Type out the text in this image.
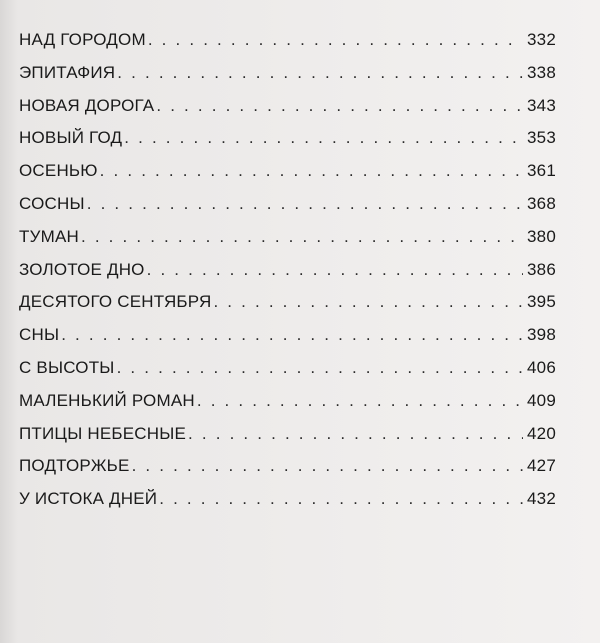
НАД ГОРОДОМ . . .	332
ЭПИТАФИЯ . . .	338
НОВАЯ ДОРОГА . . .	343
НОВЫЙ ГОД . . .	353
ОСЕНЬЮ . . .	361
СОСНЫ . . .	368
ТУМАН . . .	380
ЗОЛОТОЕ ДНО . . .	386
ДЕСЯТОГО СЕНТЯБРЯ . . .	395
СНЫ . . .	398
С ВЫСОТЫ . . .	406
МАЛЕНЬКИЙ РОМАН . . .	409
ПТИЦЫ НЕБЕСНЫЕ . . .	420
ПОДТОРЖЬЕ . . .	427
У ИСТОКА ДНЕЙ . . .	432
